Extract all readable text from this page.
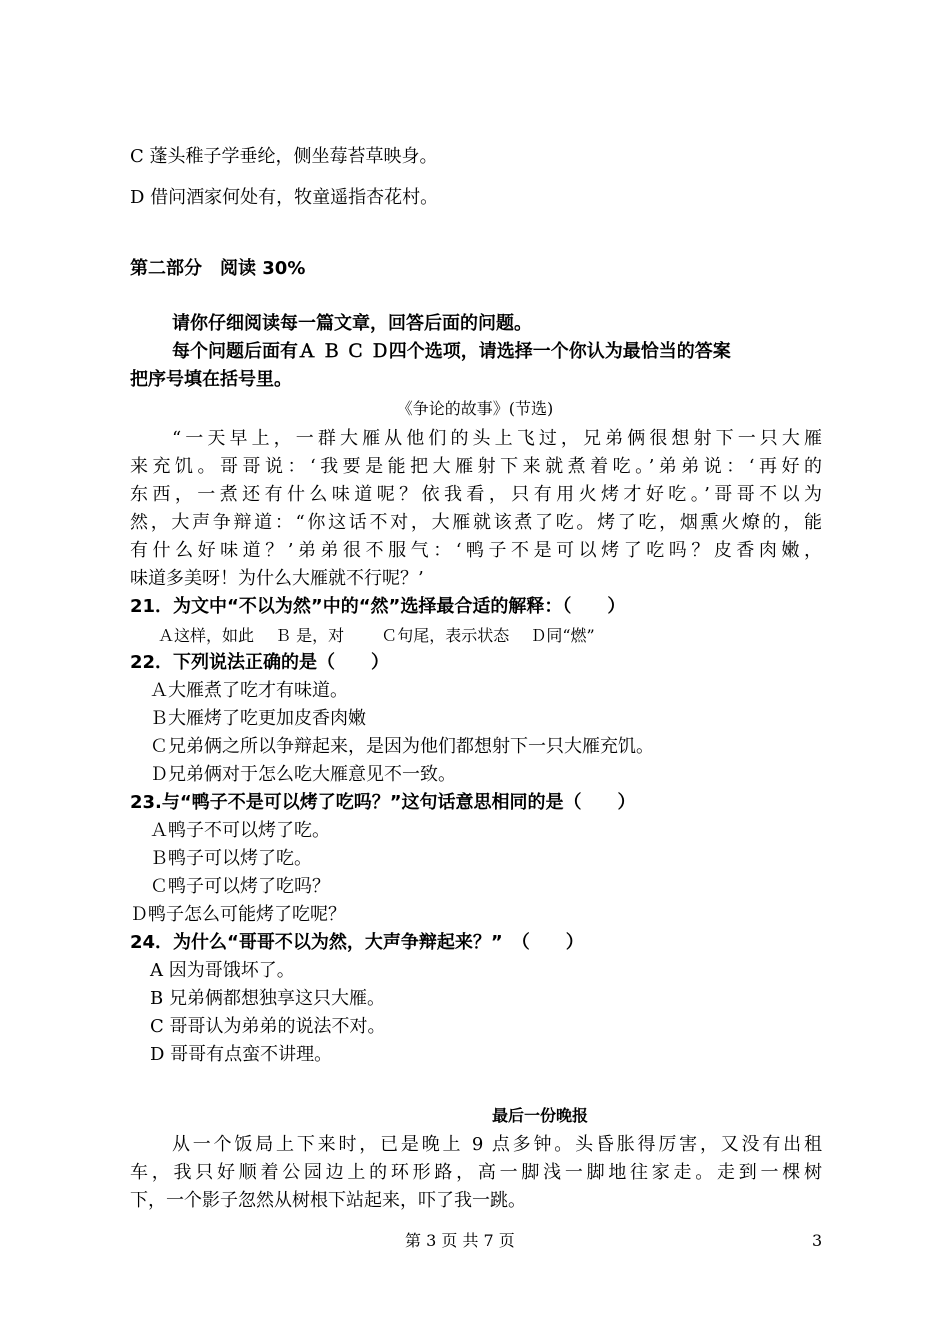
C 蓬头稚子学垂纶，侧坐莓苔草映身。
D 借问酒家何处有，牧童遥指杏花村。
第二部分　阅读 30%
请你仔细阅读每一篇文章，回答后面的问题。
每个问题后面有Ａ Ｂ Ｃ Ｄ四个选项，请选择一个你认为最恰当的答案
把序号填在括号里。
《争论的故事》(节选)
“一天早上，一群大雁从他们的头上飞过，兄弟俩很想射下一只大雁
来充饥。哥哥说：‘我要是能把大雁射下来就煮着吃。’弟弟说：‘再好的
东西，一煮还有什么味道呢？依我看，只有用火烤才好吃。’哥哥不以为
然，大声争辩道：“你这话不对，大雁就该煮了吃。烤了吃，烟熏火燎的，能
有什么好味道？’弟弟很不服气：‘鸭子不是可以烤了吃吗？皮香肉嫩，
味道多美呀！为什么大雁就不行呢？’
21．为文中“不以为然”中的“然”选择最合适的解释：（　　）
Ａ这样，如此　 Ｂ 是，对　　 Ｃ句尾，表示状态　 Ｄ同“燃”
22．下列说法正确的是（　　）
Ａ大雁煮了吃才有味道。
Ｂ大雁烤了吃更加皮香肉嫩
Ｃ兄弟俩之所以争辩起来，是因为他们都想射下一只大雁充饥。
Ｄ兄弟俩对于怎么吃大雁意见不一致。
23.与“鸭子不是可以烤了吃吗？”这句话意思相同的是（　　）
Ａ鸭子不可以烤了吃。
Ｂ鸭子可以烤了吃。
Ｃ鸭子可以烤了吃吗？
Ｄ鸭子怎么可能烤了吃呢？
24．为什么“哥哥不以为然，大声争辩起来？”　（　　）
A 因为哥饿坏了。
B 兄弟俩都想独享这只大雁。
C 哥哥认为弟弟的说法不对。
D 哥哥有点蛮不讲理。
最后一份晚报
从一个饭局上下来时，已是晚上 9 点多钟。头昏胀得厉害，又没有出租
车，我只好顺着公园边上的环形路，高一脚浅一脚地往家走。走到一棵树
下，一个影子忽然从树根下站起来，吓了我一跳。
第 3 页 共 7 页	3
